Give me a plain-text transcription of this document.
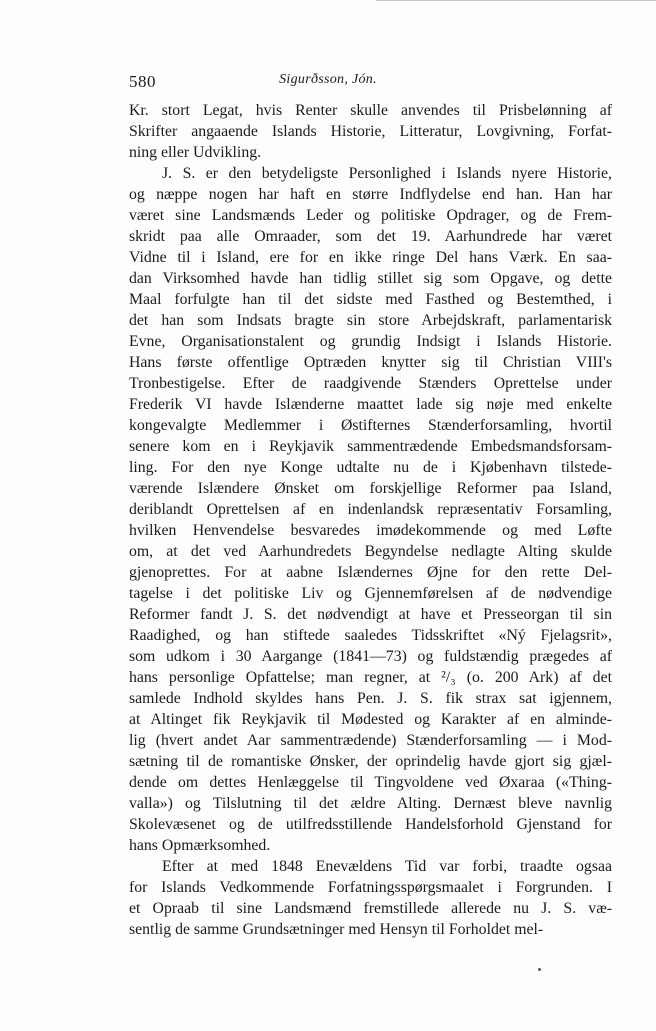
580	Sigurðsson, Jón.
Kr. stort Legat, hvis Renter skulle anvendes til Prisbelønning af
Skrifter angaaende Islands Historie, Litteratur, Lovgivning, Forfat-
ning eller Udvikling.
J. S. er den betydeligste Personlighed i Islands nyere Historie,
og næppe nogen har haft en større Indflydelse end han. Han har
været sine Landsmænds Leder og politiske Opdrager, og de Frem-
skridt paa alle Omraader, som det 19. Aarhundrede har været
Vidne til i Island, ere for en ikke ringe Del hans Værk. En saa-
dan Virksomhed havde han tidlig stillet sig som Opgave, og dette
Maal forfulgte han til det sidste med Fasthed og Bestemthed, i
det han som Indsats bragte sin store Arbejdskraft, parlamentarisk
Evne, Organisationstalent og grundig Indsigt i Islands Historie.
Hans første offentlige Optræden knytter sig til Christian VIII's
Tronbestigelse. Efter de raadgivende Stænders Oprettelse under
Frederik VI havde Islænderne maattet lade sig nøje med enkelte
kongevalgte Medlemmer i Østifternes Stænderforsamling, hvortil
senere kom en i Reykjavik sammentrædende Embedsmandsforsam-
ling. For den nye Konge udtalte nu de i Kjøbenhavn tilstede-
værende Islændere Ønsket om forskjellige Reformer paa Island,
deriblandt Oprettelsen af en indenlandsk repræsentativ Forsamling,
hvilken Henvendelse besvaredes imødekommende og med Løfte
om, at det ved Aarhundredets Begyndelse nedlagte Alting skulde
gjenoprettes. For at aabne Islændernes Øjne for den rette Del-
tagelse i det politiske Liv og Gjennemførelsen af de nødvendige
Reformer fandt J. S. det nødvendigt at have et Presseorgan til sin
Raadighed, og han stiftede saaledes Tidsskriftet «Ný Fjelagsrit»,
som udkom i 30 Aargange (1841—73) og fuldstændig prægedes af
hans personlige Opfattelse; man regner, at ²/₃ (o. 200 Ark) af det
samlede Indhold skyldes hans Pen. J. S. fik strax sat igjennem,
at Altinget fik Reykjavik til Mødested og Karakter af en alminde-
lig (hvert andet Aar sammentrædende) Stænderforsamling — i Mod-
sætning til de romantiske Ønsker, der oprindelig havde gjort sig gjæl-
dende om dettes Henlæggelse til Tingvoldene ved Øxaraa («Thing-
valla») og Tilslutning til det ældre Alting. Dernæst bleve navnlig
Skolevæsenet og de utilfredsstillende Handelsforhold Gjenstand for
hans Opmærksomhed.
Efter at med 1848 Enevældens Tid var forbi, traadte ogsaa
for Islands Vedkommende Forfatningsspørgsmaalet i Forgrunden. I
et Opraab til sine Landsmænd fremstillede allerede nu J. S. væ-
sentlig de samme Grundsætninger med Hensyn til Forholdet mel-
